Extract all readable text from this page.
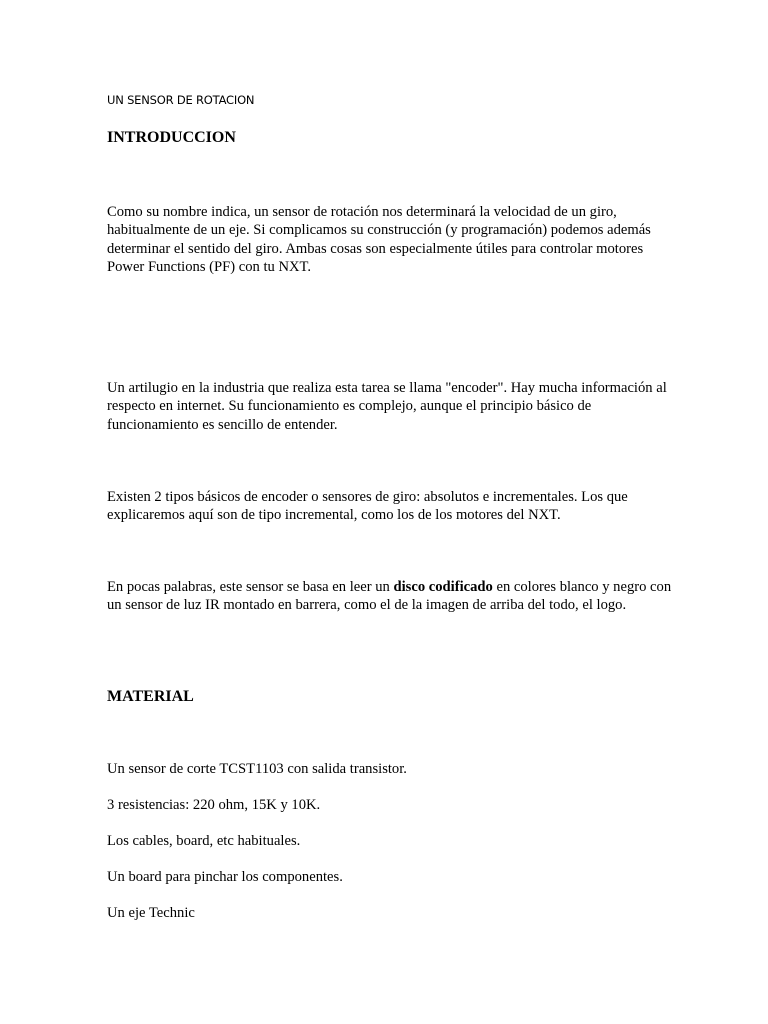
UN SENSOR DE ROTACION

INTRODUCCION

Como su nombre indica, un sensor de rotación nos determinará la velocidad de un giro, habitualmente de un eje. Si complicamos su construcción (y programación) podemos además determinar el sentido del giro. Ambas cosas son especialmente útiles para controlar motores Power Functions (PF) con tu NXT.

Un artilugio en la industria que realiza esta tarea se llama "encoder". Hay mucha información al respecto en internet. Su funcionamiento es complejo, aunque el principio básico de funcionamiento es sencillo de entender.

Existen 2 tipos básicos de encoder o sensores de giro: absolutos e incrementales. Los que explicaremos aquí son de tipo incremental, como los de los motores del NXT.

En pocas palabras, este sensor se basa en leer un disco codificado en colores blanco y negro con un sensor de luz IR montado en barrera, como el de la imagen de arriba del todo, el logo.

MATERIAL

Un sensor de corte TCST1103 con salida transistor.

3 resistencias: 220 ohm, 15K y 10K.

Los cables, board, etc habituales.

Un board para pinchar los componentes.

Un eje Technic
